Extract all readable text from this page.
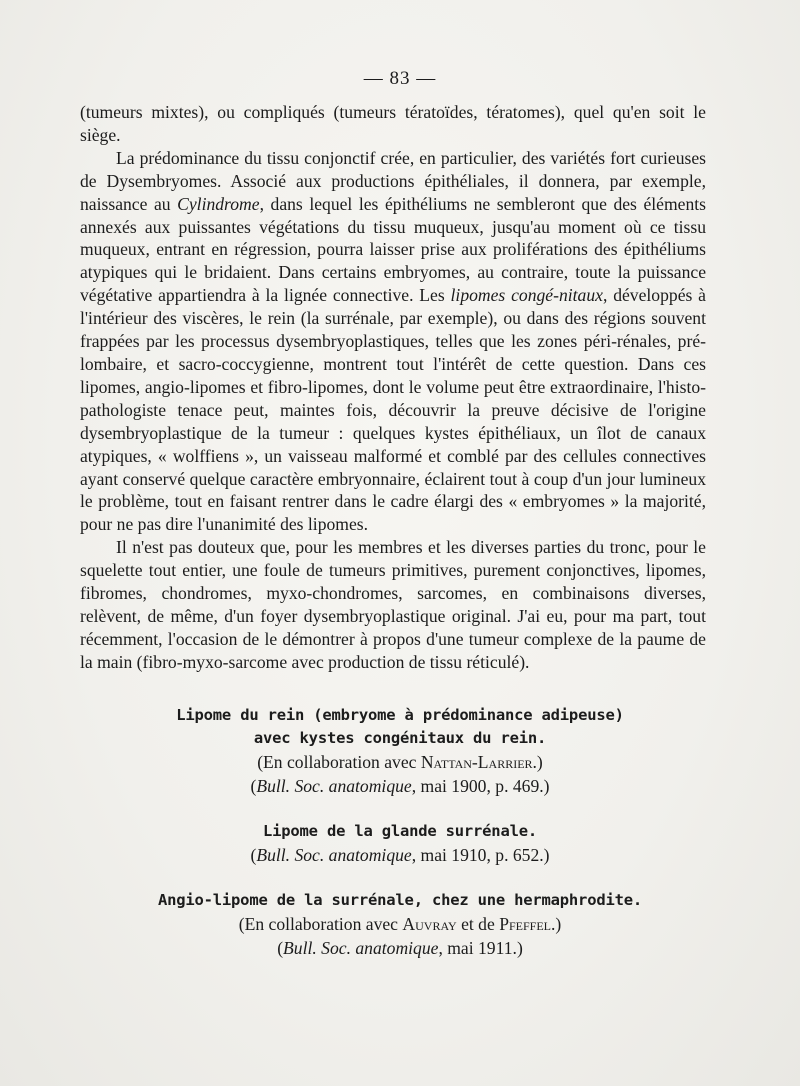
— 83 —

(tumeurs mixtes), ou compliqués (tumeurs tératoïdes, tératomes), quel qu'en soit le siège.

La prédominance du tissu conjonctif crée, en particulier, des variétés fort curieuses de Dysembryomes. Associé aux productions épithéliales, il donnera, par exemple, naissance au Cylindrome, dans lequel les épithéliums ne sembleront que des éléments annexés aux puissantes végétations du tissu muqueux, jusqu'au moment où ce tissu muqueux, entrant en régression, pourra laisser prise aux proliférations des épithéliums atypiques qui le bridaient. Dans certains embryomes, au contraire, toute la puissance végétative appartiendra à la lignée connective. Les lipomes congé-nitaux, développés à l'intérieur des viscères, le rein (la surrénale, par exemple), ou dans des régions souvent frappées par les processus dysembryoplastiques, telles que les zones péri-rénales, pré-lombaire, et sacro-coccygienne, montrent tout l'intérêt de cette question. Dans ces lipomes, angio-lipomes et fibro-lipomes, dont le volume peut être extraordinaire, l'histo-pathologiste tenace peut, maintes fois, découvrir la preuve décisive de l'origine dysembryoplastique de la tumeur : quelques kystes épithéliaux, un îlot de canaux atypiques, « wolffiens », un vaisseau malformé et comblé par des cellules connectives ayant conservé quelque caractère embryonnaire, éclairent tout à coup d'un jour lumineux le problème, tout en faisant rentrer dans le cadre élargi des « embryomes » la majorité, pour ne pas dire l'unanimité des lipomes.

Il n'est pas douteux que, pour les membres et les diverses parties du tronc, pour le squelette tout entier, une foule de tumeurs primitives, purement conjonctives, lipomes, fibromes, chondromes, myxo-chondromes, sarcomes, en combinaisons diverses, relèvent, de même, d'un foyer dysembryoplastique original. J'ai eu, pour ma part, tout récemment, l'occasion de le démontrer à propos d'une tumeur complexe de la paume de la main (fibro-myxo-sarcome avec production de tissu réticulé).

Lipome du rein (embryome à prédominance adipeuse)
avec kystes congénitaux du rein.
(En collaboration avec Nattan-Larrier.)
(Bull. Soc. anatomique, mai 1900, p. 469.)
Lipome de la glande surrénale.
(Bull. Soc. anatomique, mai 1910, p. 652.)
Angio-lipome de la surrénale, chez une hermaphrodite.
(En collaboration avec Auvray et de Pfeffel.)
(Bull. Soc. anatomique, mai 1911.)
